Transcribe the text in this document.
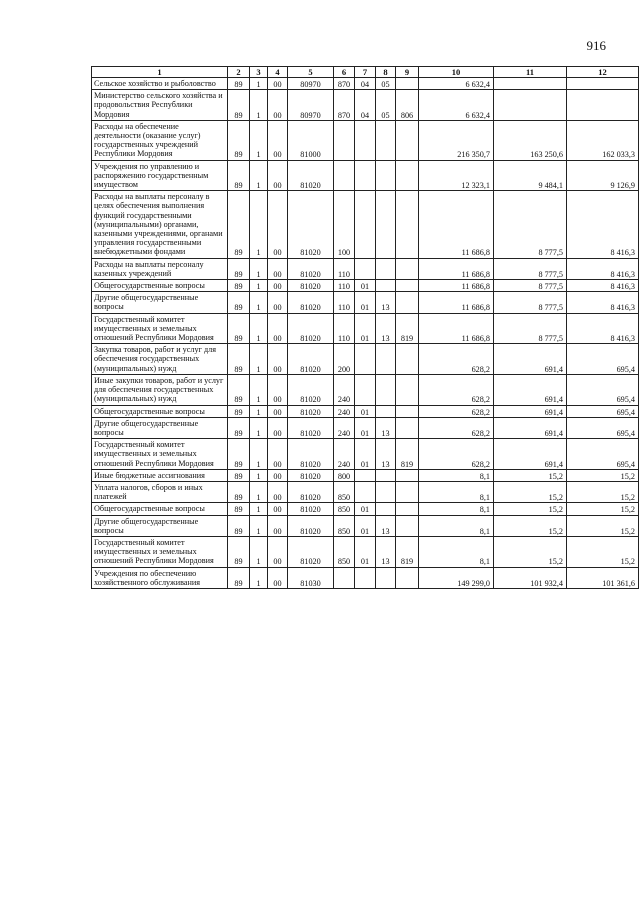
916
1	2	3	4	5	6	7	8	9	10	11	12
Сельское хозяйство и рыболовство	89	1	00	80970	870	04	05		6 632,4		
Министерство сельского хозяйства и продовольствия Республики Мордовия	89	1	00	80970	870	04	05	806	6 632,4		
Расходы на обеспечение деятельности (оказание услуг) государственных учреждений Республики Мордовия	89	1	00	81000					216 350,7	163 250,6	162 033,3
Учреждения по управлению и распоряжению государственным имуществом	89	1	00	81020					12 323,1	9 484,1	9 126,9
Расходы на выплаты персоналу в целях обеспечения выполнения функций государственными (муниципальными) органами, казенными учреждениями, органами управления государственными внебюджетными фондами	89	1	00	81020	100				11 686,8	8 777,5	8 416,3
Расходы на выплаты персоналу казенных учреждений	89	1	00	81020	110				11 686,8	8 777,5	8 416,3
Общегосударственные вопросы	89	1	00	81020	110	01			11 686,8	8 777,5	8 416,3
Другие общегосударственные вопросы	89	1	00	81020	110	01	13		11 686,8	8 777,5	8 416,3
Государственный комитет имущественных и земельных отношений Республики Мордовия	89	1	00	81020	110	01	13	819	11 686,8	8 777,5	8 416,3
Закупка товаров, работ и услуг для обеспечения государственных (муниципальных) нужд	89	1	00	81020	200				628,2	691,4	695,4
Иные закупки товаров, работ и услуг для обеспечения государственных (муниципальных) нужд	89	1	00	81020	240				628,2	691,4	695,4
Общегосударственные вопросы	89	1	00	81020	240	01			628,2	691,4	695,4
Другие общегосударственные вопросы	89	1	00	81020	240	01	13		628,2	691,4	695,4
Государственный комитет имущественных и земельных отношений Республики Мордовия	89	1	00	81020	240	01	13	819	628,2	691,4	695,4
Иные бюджетные ассигнования	89	1	00	81020	800				8,1	15,2	15,2
Уплата налогов, сборов и иных платежей	89	1	00	81020	850				8,1	15,2	15,2
Общегосударственные вопросы	89	1	00	81020	850	01			8,1	15,2	15,2
Другие общегосударственные вопросы	89	1	00	81020	850	01	13		8,1	15,2	15,2
Государственный комитет имущественных и земельных отношений Республики Мордовия	89	1	00	81020	850	01	13	819	8,1	15,2	15,2
Учреждения по обеспечению хозяйственного обслуживания	89	1	00	81030					149 299,0	101 932,4	101 361,6
